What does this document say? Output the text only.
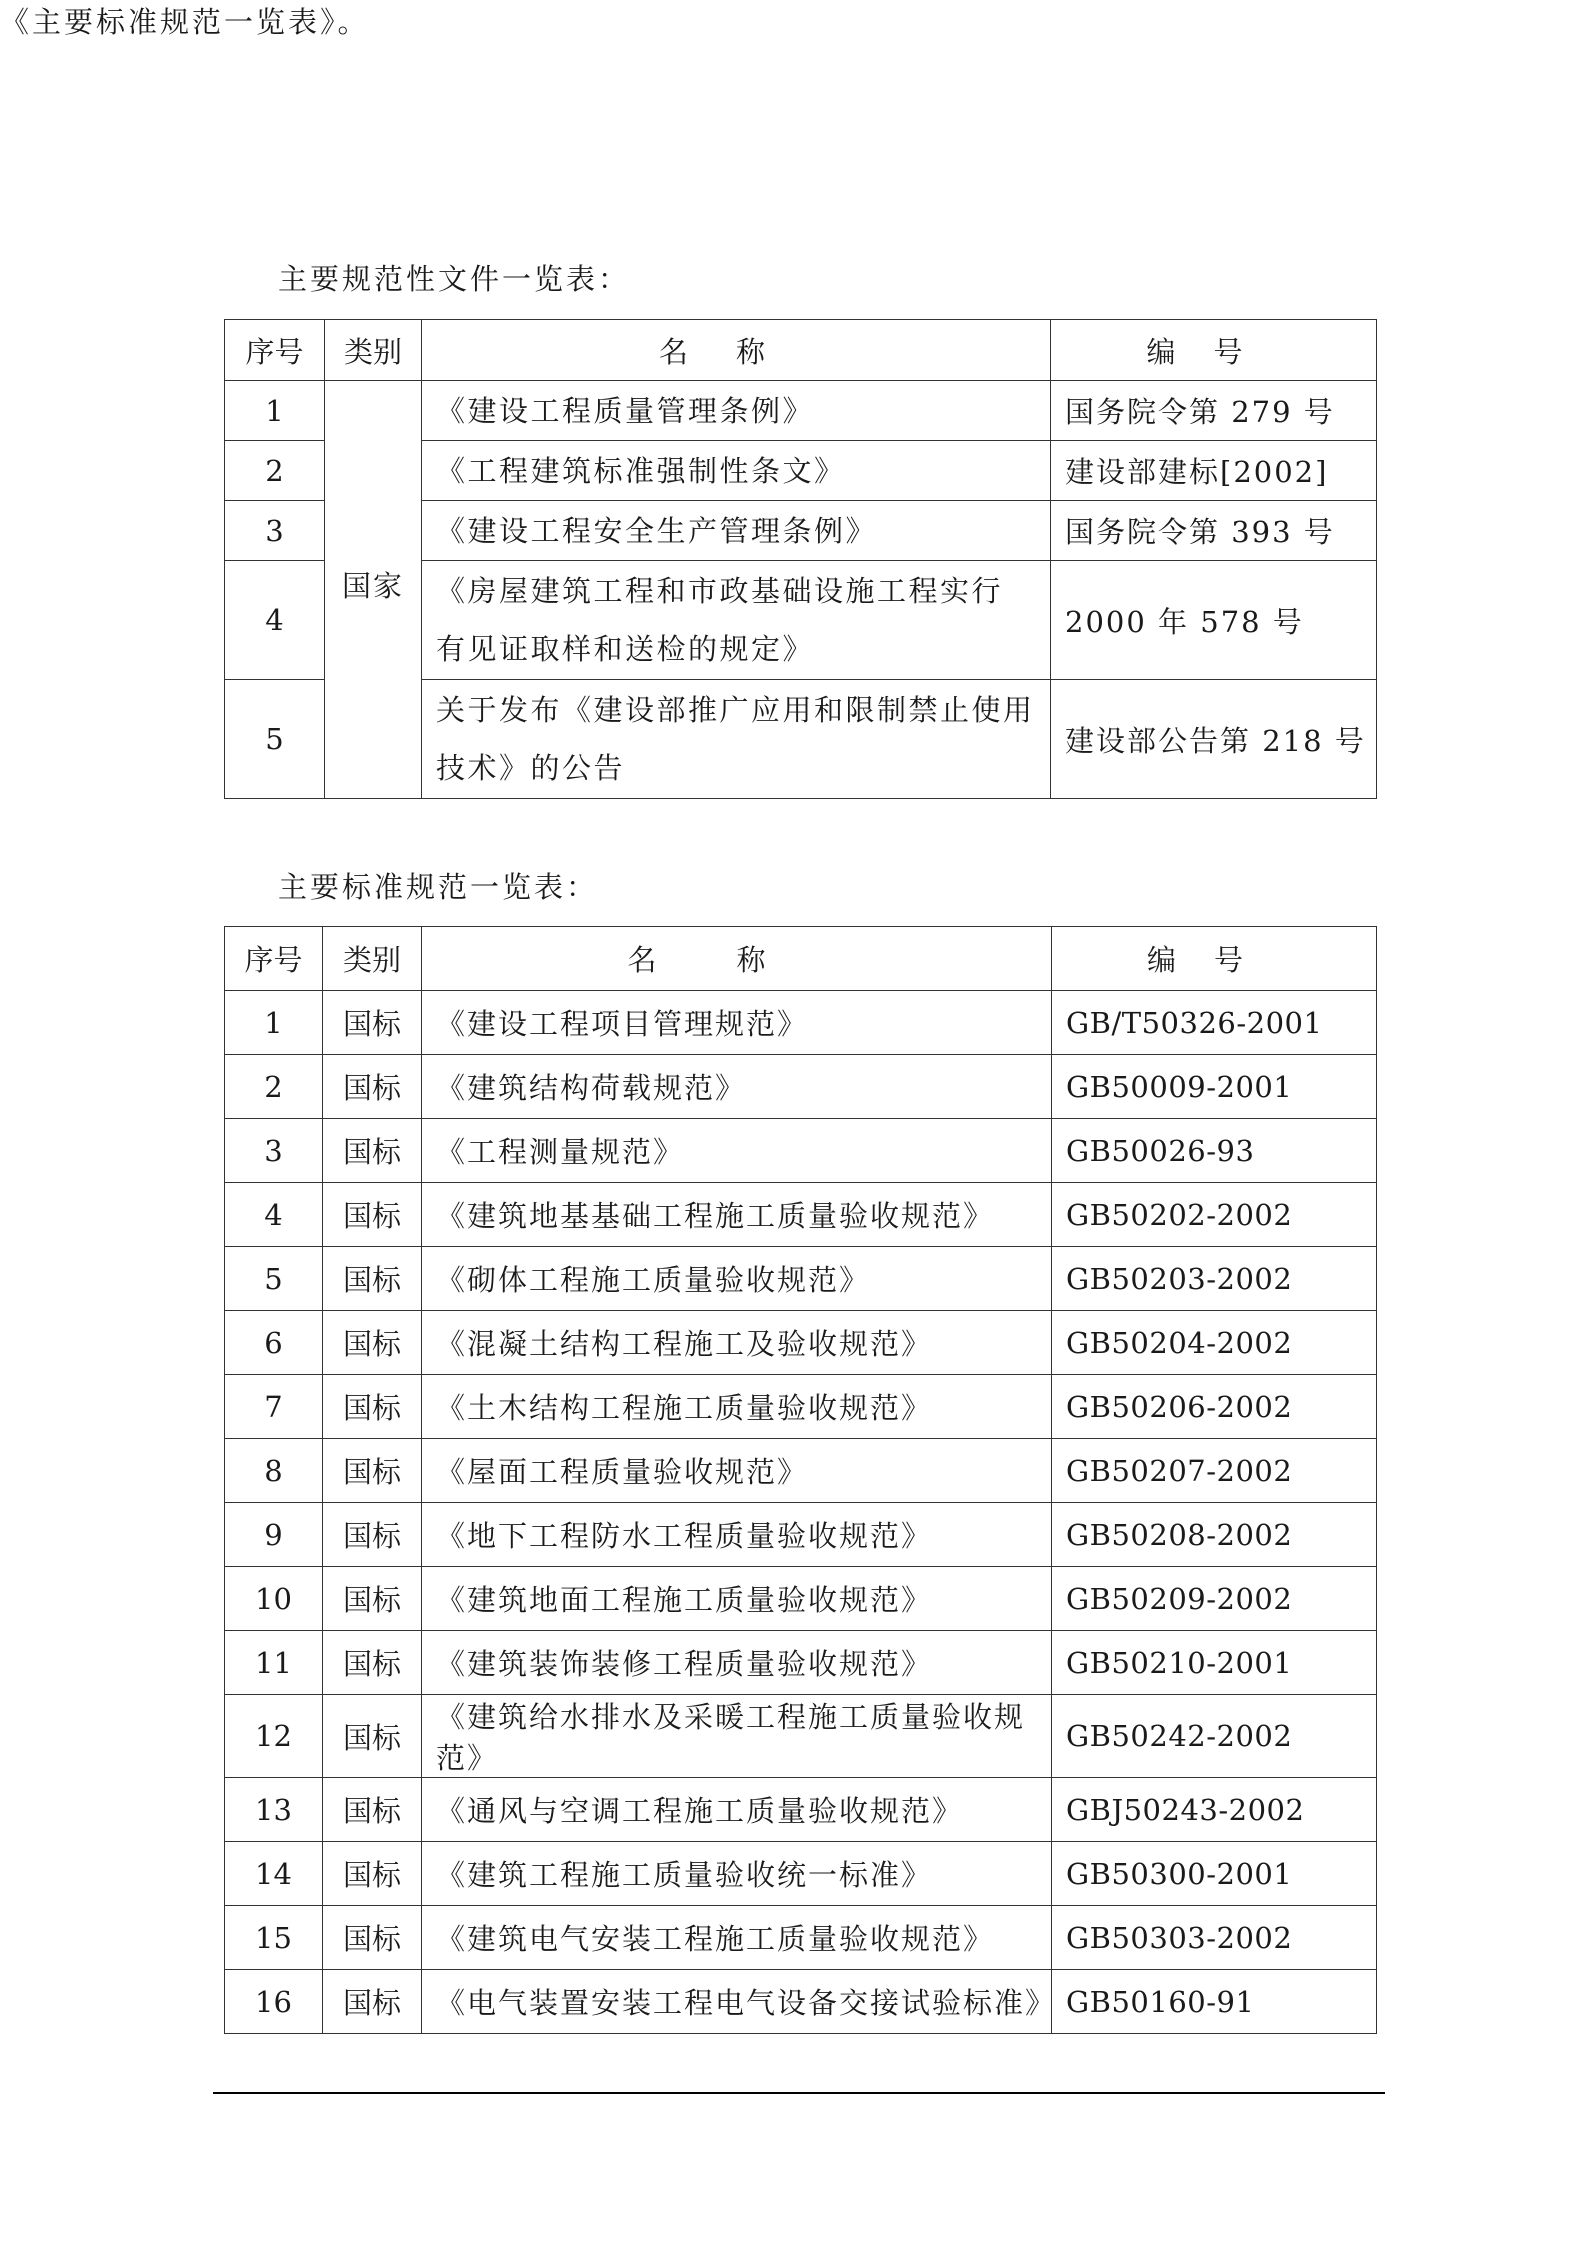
《主要标准规范一览表》。
主要规范性文件一览表：
序号	类别	名称	编号
1	国家	《建设工程质量管理条例》	国务院令第 279 号
2		《工程建筑标准强制性条文》	建设部建标[2002]
3		《建设工程安全生产管理条例》	国务院令第 393 号
4		《房屋建筑工程和市政基础设施工程实行
有见证取样和送检的规定》	2000 年 578 号
5		关于发布《建设部推广应用和限制禁止使用
技术》的公告	建设部公告第 218 号
主要标准规范一览表：
序号	类别	名称	编号
1	国标	《建设工程项目管理规范》	GB/T50326-2001
2	国标	《建筑结构荷载规范》	GB50009-2001
3	国标	《工程测量规范》	GB50026-93
4	国标	《建筑地基基础工程施工质量验收规范》	GB50202-2002
5	国标	《砌体工程施工质量验收规范》	GB50203-2002
6	国标	《混凝土结构工程施工及验收规范》	GB50204-2002
7	国标	《土木结构工程施工质量验收规范》	GB50206-2002
8	国标	《屋面工程质量验收规范》	GB50207-2002
9	国标	《地下工程防水工程质量验收规范》	GB50208-2002
10	国标	《建筑地面工程施工质量验收规范》	GB50209-2002
11	国标	《建筑装饰装修工程质量验收规范》	GB50210-2001
12	国标	《建筑给水排水及采暖工程施工质量验收规范》	GB50242-2002
13	国标	《通风与空调工程施工质量验收规范》	GBJ50243-2002
14	国标	《建筑工程施工质量验收统一标准》	GB50300-2001
15	国标	《建筑电气安装工程施工质量验收规范》	GB50303-2002
16	国标	《电气装置安装工程电气设备交接试验标准》	GB50160-91
